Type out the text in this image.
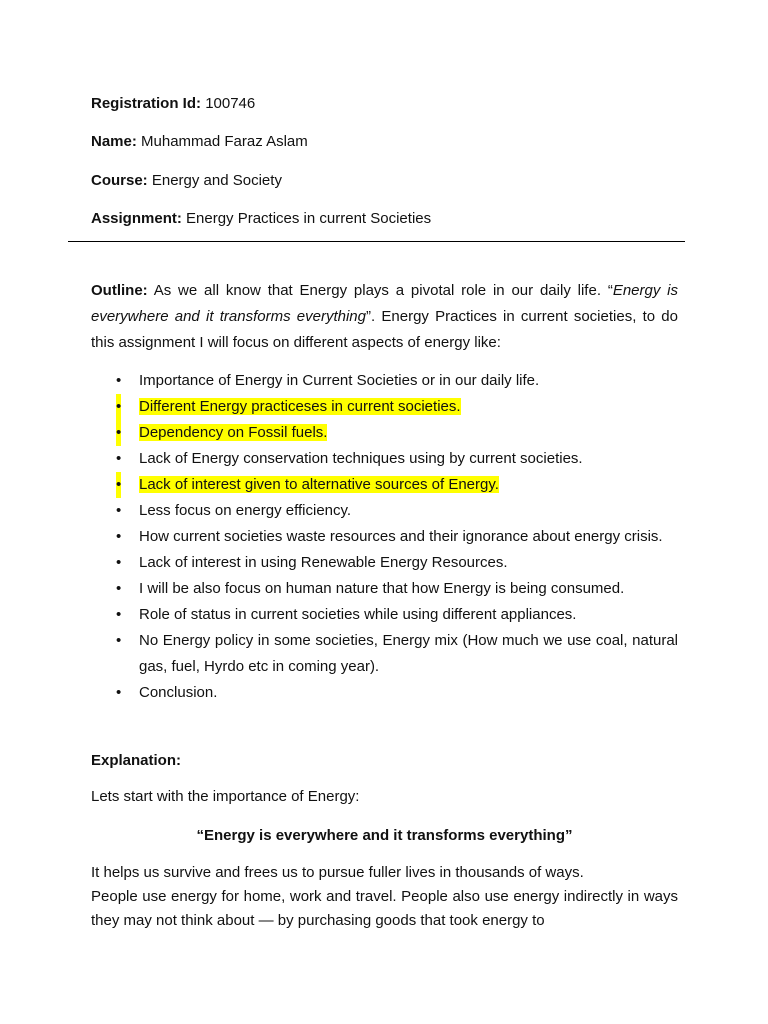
Registration Id: 100746

Name: Muhammad Faraz Aslam

Course: Energy and Society

Assignment: Energy Practices in current Societies

Outline: As we all know that Energy plays a pivotal role in our daily life. “Energy is everywhere and it transforms everything”. Energy Practices in current societies, to do this assignment I will focus on different aspects of energy like:

• Importance of Energy in Current Societies or in our daily life.
• Different Energy practiceses in current societies.
• Dependency on Fossil fuels.
• Lack of Energy conservation techniques using by current societies.
• Lack of interest given to alternative sources of Energy.
• Less focus on energy efficiency.
• How current societies waste resources and their ignorance about energy crisis.
• Lack of interest in using Renewable Energy Resources.
• I will be also focus on human nature that how Energy is being consumed.
• Role of status in current societies while using different appliances.
• No Energy policy in some societies, Energy mix (How much we use coal, natural gas, fuel, Hyrdo etc in coming year).
• Conclusion.

Explanation:

Lets start with the importance of Energy:

“Energy is everywhere and it transforms everything”

It helps us survive and frees us to pursue fuller lives in thousands of ways.

People use energy for home, work and travel. People also use energy indirectly in ways they may not think about — by purchasing goods that took energy to
